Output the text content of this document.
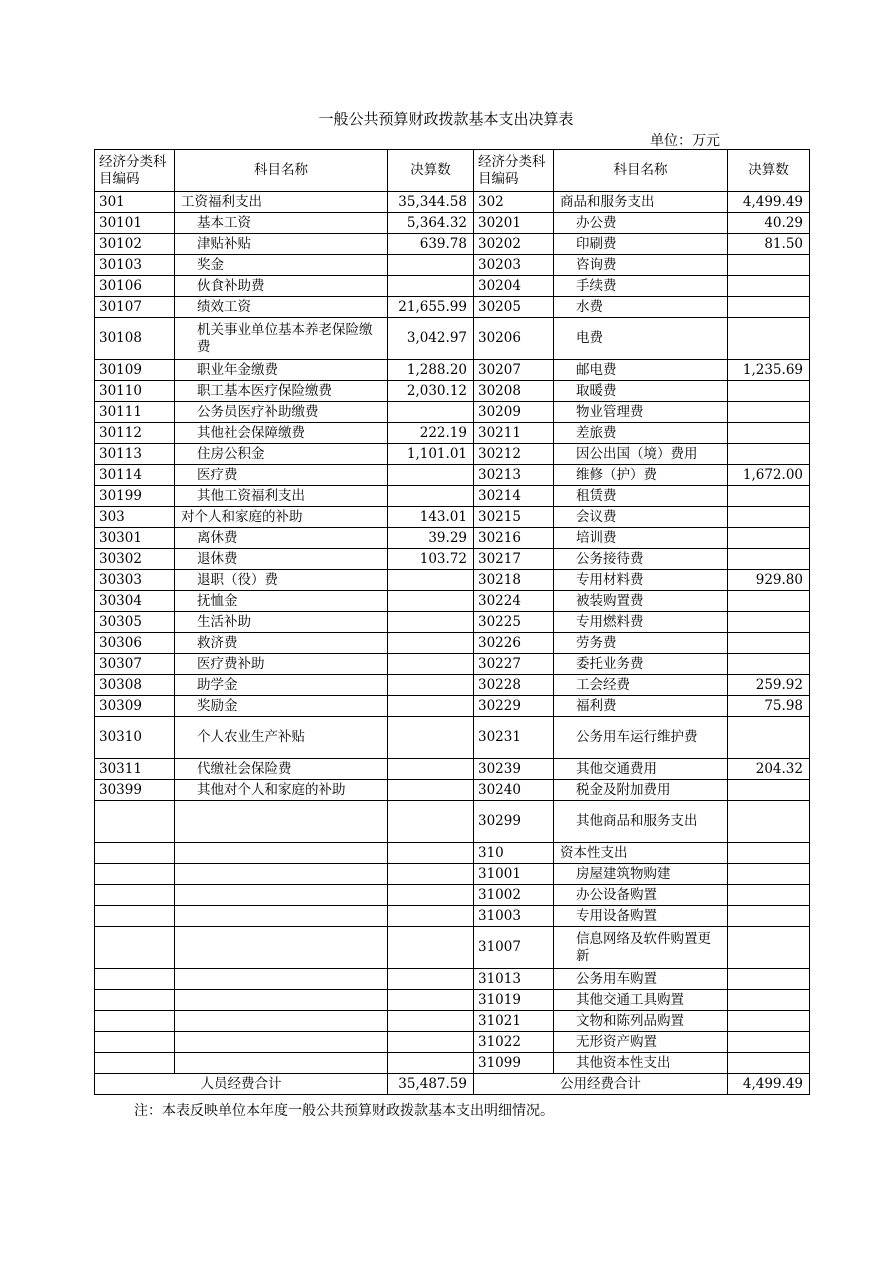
一般公共预算财政拨款基本支出决算表
单位：万元
经济分类科目编码	科目名称	决算数	经济分类科目编码	科目名称	决算数
301	工资福利支出	35,344.58	302	商品和服务支出	4,499.49
30101	基本工资	5,364.32	30201	办公费	40.29
30102	津贴补贴	639.78	30202	印刷费	81.50
30103	奖金		30203	咨询费	
30106	伙食补助费		30204	手续费	
30107	绩效工资	21,655.99	30205	水费	
30108	机关事业单位基本养老保险缴费	3,042.97	30206	电费	
30109	职业年金缴费	1,288.20	30207	邮电费	1,235.69
30110	职工基本医疗保险缴费	2,030.12	30208	取暖费	
30111	公务员医疗补助缴费		30209	物业管理费	
30112	其他社会保障缴费	222.19	30211	差旅费	
30113	住房公积金	1,101.01	30212	因公出国（境）费用	
30114	医疗费		30213	维修（护）费	1,672.00
30199	其他工资福利支出		30214	租赁费	
303	对个人和家庭的补助	143.01	30215	会议费	
30301	离休费	39.29	30216	培训费	
30302	退休费	103.72	30217	公务接待费	
30303	退职（役）费		30218	专用材料费	929.80
30304	抚恤金		30224	被装购置费	
30305	生活补助		30225	专用燃料费	
30306	救济费		30226	劳务费	
30307	医疗费补助		30227	委托业务费	
30308	助学金		30228	工会经费	259.92
30309	奖励金		30229	福利费	75.98
30310	个人农业生产补贴		30231	公务用车运行维护费	
30311	代缴社会保险费		30239	其他交通费用	204.32
30399	其他对个人和家庭的补助		30240	税金及附加费用	
			30299	其他商品和服务支出	
			310	资本性支出	
			31001	房屋建筑物购建	
			31002	办公设备购置	
			31003	专用设备购置	
			31007	信息网络及软件购置更新	
			31013	公务用车购置	
			31019	其他交通工具购置	
			31021	文物和陈列品购置	
			31022	无形资产购置	
			31099	其他资本性支出	
人员经费合计		35,487.59	公用经费合计		4,499.49
注：本表反映单位本年度一般公共预算财政拨款基本支出明细情况。
